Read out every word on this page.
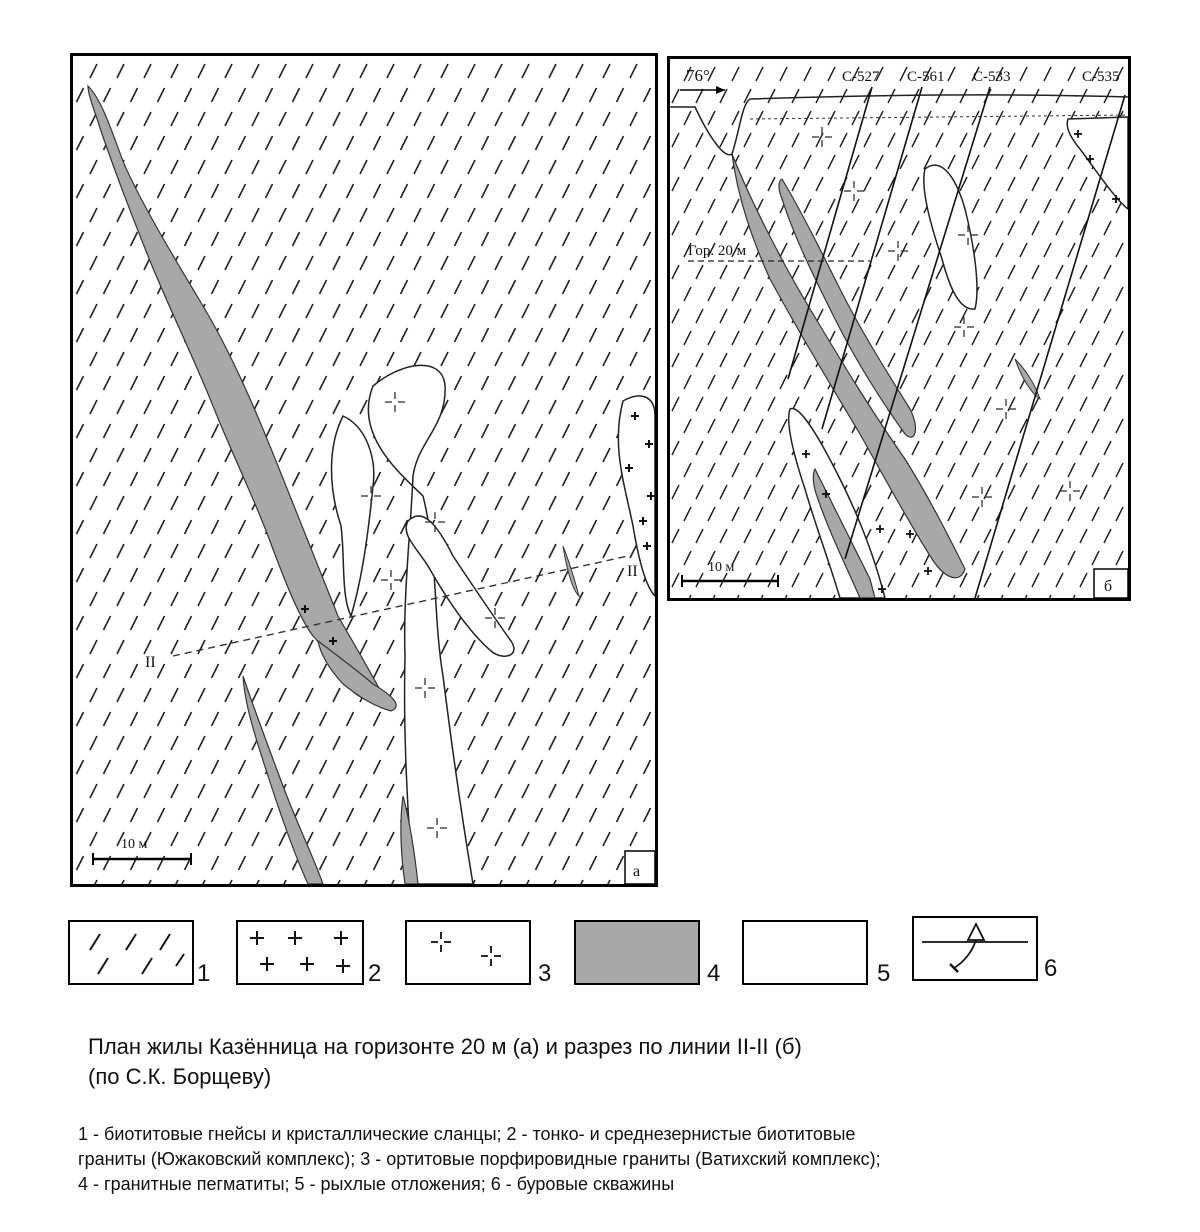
10 м
II
II
а
Гор. 20 м
76°	С-527 С-561 С-533	С-535
10 м
б
1	2	3	4	5	6
План жилы Казённица на горизонте 20 м (а) и разрез по линии II-II (б)
(по С.К. Борщеву)
1 - биотитовые гнейсы и кристаллические сланцы; 2 - тонко- и среднезернистые биотитовые
граниты (Южаковский комплекс); 3 - ортитовые порфировидные граниты (Ватихский комплекс);
4 - гранитные пегматиты; 5 - рыхлые отложения; 6 - буровые скважины
